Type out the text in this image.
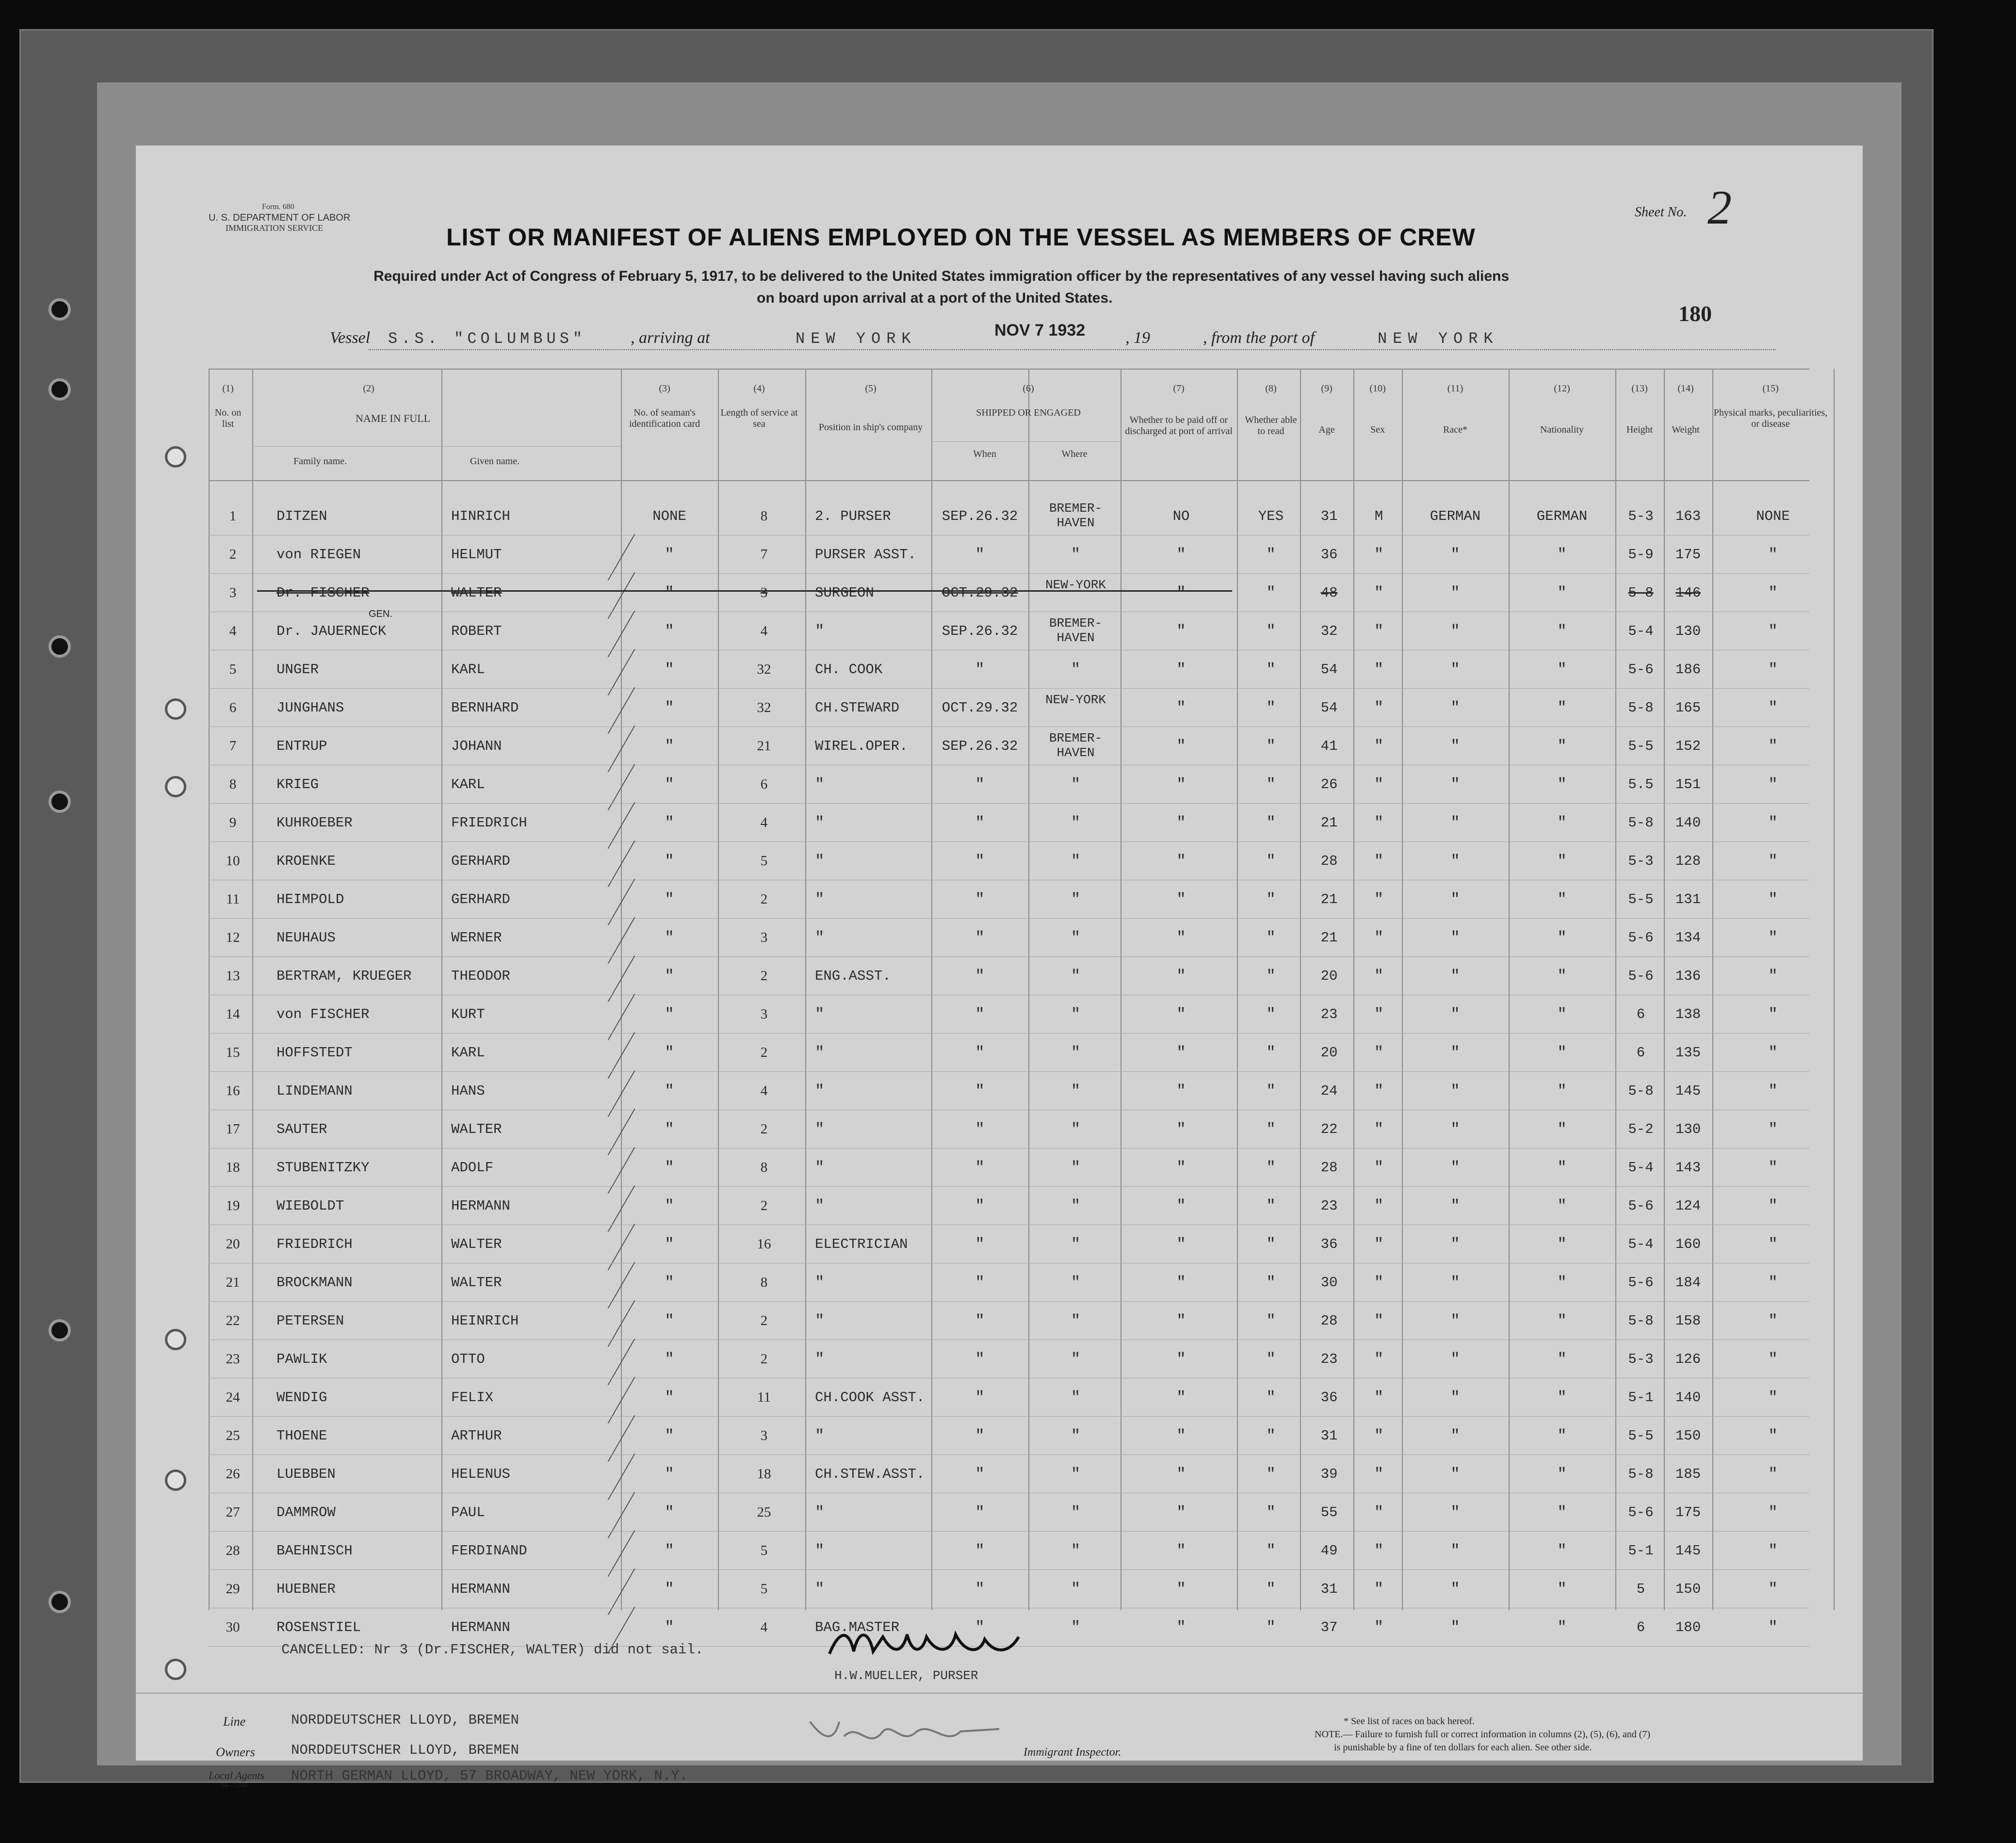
Form. 680
U. S. DEPARTMENT OF LABOR
IMMIGRATION SERVICE
Sheet No. 2
LIST OR MANIFEST OF ALIENS EMPLOYED ON THE VESSEL AS MEMBERS OF CREW
Required under Act of Congress of February 5, 1917, to be delivered to the United States immigration officer by the representatives of any vessel having such aliens
on board upon arrival at a port of the United States.
180
Vessel S.S. "COLUMBUS"	, arriving at	NEW YORK	NOV 7 1932 , 19	, from the port of	NEW YORK
(1)
No. on list
(2)
NAME IN FULL
Family name.	Given name.
(3)
No. of seaman's identification card
(4)
Length of service at sea
(5)
Position in ship's company
(6)
SHIPPED OR ENGAGED
When	Where
(7)
Whether to be paid off or discharged at port of arrival
(8)
Whether able to read
(9)
Age
(10)
Sex
(11)
Race*
(12)
Nationality
(13)
Height
(14)
Weight
(15)
Physical marks, peculiarities, or disease
1	DITZEN	HINRICH	NONE	8	2. PURSER	SEP.26.32	BREMER-HAVEN	NO	YES	31	M	GERMAN	GERMAN	5-3	163	NONE
2	von RIEGEN	HELMUT	"	7	PURSER ASST.	"	"	"	"	36	"	"	"	5-9	175	"
3	Dr. FISCHER	WALTER	"	3	SURGEON	OCT.29.32	NEW-YORK	"	"	48	"	"	"	5-8	146	"
4	Dr. JAUERNECK	ROBERT	"	4	"	SEP.26.32	BREMER-HAVEN	"	"	32	"	"	"	5-4	130	"
5	UNGER	KARL	"	32	CH. COOK	"	"	"	"	54	"	"	"	5-6	186	"
6	JUNGHANS	BERNHARD	"	32	CH.STEWARD	OCT.29.32	NEW-YORK	"	"	54	"	"	"	5-8	165	"
7	ENTRUP	JOHANN	"	21	WIREL.OPER.	SEP.26.32	BREMER-HAVEN	"	"	41	"	"	"	5-5	152	"
8	KRIEG	KARL	"	6	"	"	"	"	"	26	"	"	"	5.5	151	"
9	KUHROEBER	FRIEDRICH	"	4	"	"	"	"	"	21	"	"	"	5-8	140	"
10	KROENKE	GERHARD	"	5	"	"	"	"	"	28	"	"	"	5-3	128	"
11	HEIMPOLD	GERHARD	"	2	"	"	"	"	"	21	"	"	"	5-5	131	"
12	NEUHAUS	WERNER	"	3	"	"	"	"	"	21	"	"	"	5-6	134	"
13	BERTRAM, KRUEGER	THEODOR	"	2	ENG.ASST.	"	"	"	"	20	"	"	"	5-6	136	"
14	von FISCHER	KURT	"	3	"	"	"	"	"	23	"	"	"	6	138	"
15	HOFFSTEDT	KARL	"	2	"	"	"	"	"	20	"	"	"	6	135	"
16	LINDEMANN	HANS	"	4	"	"	"	"	"	24	"	"	"	5-8	145	"
17	SAUTER	WALTER	"	2	"	"	"	"	"	22	"	"	"	5-2	130	"
18	STUBENITZKY	ADOLF	"	8	"	"	"	"	"	28	"	"	"	5-4	143	"
19	WIEBOLDT	HERMANN	"	2	"	"	"	"	"	23	"	"	"	5-6	124	"
20	FRIEDRICH	WALTER	"	16	ELECTRICIAN	"	"	"	"	36	"	"	"	5-4	160	"
21	BROCKMANN	WALTER	"	8	"	"	"	"	"	30	"	"	"	5-6	184	"
22	PETERSEN	HEINRICH	"	2	"	"	"	"	"	28	"	"	"	5-8	158	"
23	PAWLIK	OTTO	"	2	"	"	"	"	"	23	"	"	"	5-3	126	"
24	WENDIG	FELIX	"	11	CH.COOK ASST.	"	"	"	"	36	"	"	"	5-1	140	"
25	THOENE	ARTHUR	"	3	"	"	"	"	"	31	"	"	"	5-5	150	"
26	LUEBBEN	HELENUS	"	18	CH.STEW.ASST.	"	"	"	"	39	"	"	"	5-8	185	"
27	DAMMROW	PAUL	"	25	"	"	"	"	"	55	"	"	"	5-6	175	"
28	BAEHNISCH	FERDINAND	"	5	"	"	"	"	"	49	"	"	"	5-1	145	"
29	HUEBNER	HERMANN	"	5	"	"	"	"	"	31	"	"	"	5	150	"
30	ROSENSTIEL	HERMANN	"	4	BAG.MASTER	"	"	"	"	37	"	"	"	6	180	"
GEN.
CANCELLED: Nr 3 (Dr.FISCHER, WALTER) did not sail.
H.W.MUELLER, PURSER
Line	NORDDEUTSCHER LLOYD, BREMEN
Owners	NORDDEUTSCHER LLOYD, BREMEN
Local Agents
14—1240
NORTH GERMAN LLOYD, 57 BROADWAY, NEW YORK, N.Y.
Immigrant Inspector.
* See list of races on back hereof.
NOTE.— Failure to furnish full or correct information in columns (2), (5), (6), and (7)
is punishable by a fine of ten dollars for each alien. See other side.
